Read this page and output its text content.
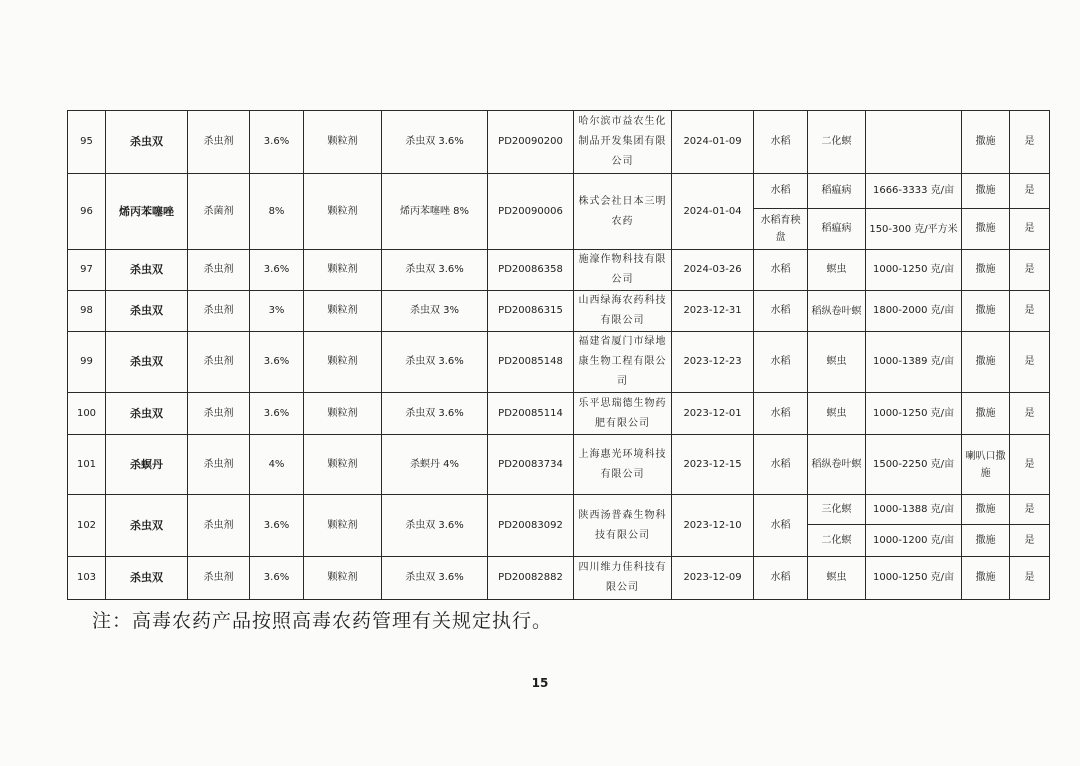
95	杀虫双	杀虫剂	3.6%	颗粒剂	杀虫双 3.6%	PD20090200	哈尔滨市益农生化制品开发集团有限公司	2024-01-09	水稻	二化螟		撒施	是
96	烯丙苯噻唑	杀菌剂	8%	颗粒剂	烯丙苯噻唑 8%	PD20090006	株式会社日本三明农药	2024-01-04	水稻	稻瘟病	1666-3333 克/亩	撒施	是
									水稻育秧盘	稻瘟病	150-300 克/平方米	撒施	是
97	杀虫双	杀虫剂	3.6%	颗粒剂	杀虫双 3.6%	PD20086358	施濠作物科技有限公司	2024-03-26	水稻	螟虫	1000-1250 克/亩	撒施	是
98	杀虫双	杀虫剂	3%	颗粒剂	杀虫双 3%	PD20086315	山西绿海农药科技有限公司	2023-12-31	水稻	稻纵卷叶螟	1800-2000 克/亩	撒施	是
99	杀虫双	杀虫剂	3.6%	颗粒剂	杀虫双 3.6%	PD20085148	福建省厦门市绿地康生物工程有限公司	2023-12-23	水稻	螟虫	1000-1389 克/亩	撒施	是
100	杀虫双	杀虫剂	3.6%	颗粒剂	杀虫双 3.6%	PD20085114	乐平思瑞德生物药肥有限公司	2023-12-01	水稻	螟虫	1000-1250 克/亩	撒施	是
101	杀螟丹	杀虫剂	4%	颗粒剂	杀螟丹 4%	PD20083734	上海惠光环境科技有限公司	2023-12-15	水稻	稻纵卷叶螟	1500-2250 克/亩	喇叭口撒施	是
102	杀虫双	杀虫剂	3.6%	颗粒剂	杀虫双 3.6%	PD20083092	陕西汤普森生物科技有限公司	2023-12-10	水稻	三化螟	1000-1388 克/亩	撒施	是
										二化螟	1000-1200 克/亩	撒施	是
103	杀虫双	杀虫剂	3.6%	颗粒剂	杀虫双 3.6%	PD20082882	四川维力佳科技有限公司	2023-12-09	水稻	螟虫	1000-1250 克/亩	撒施	是

注：高毒农药产品按照高毒农药管理有关规定执行。

15
